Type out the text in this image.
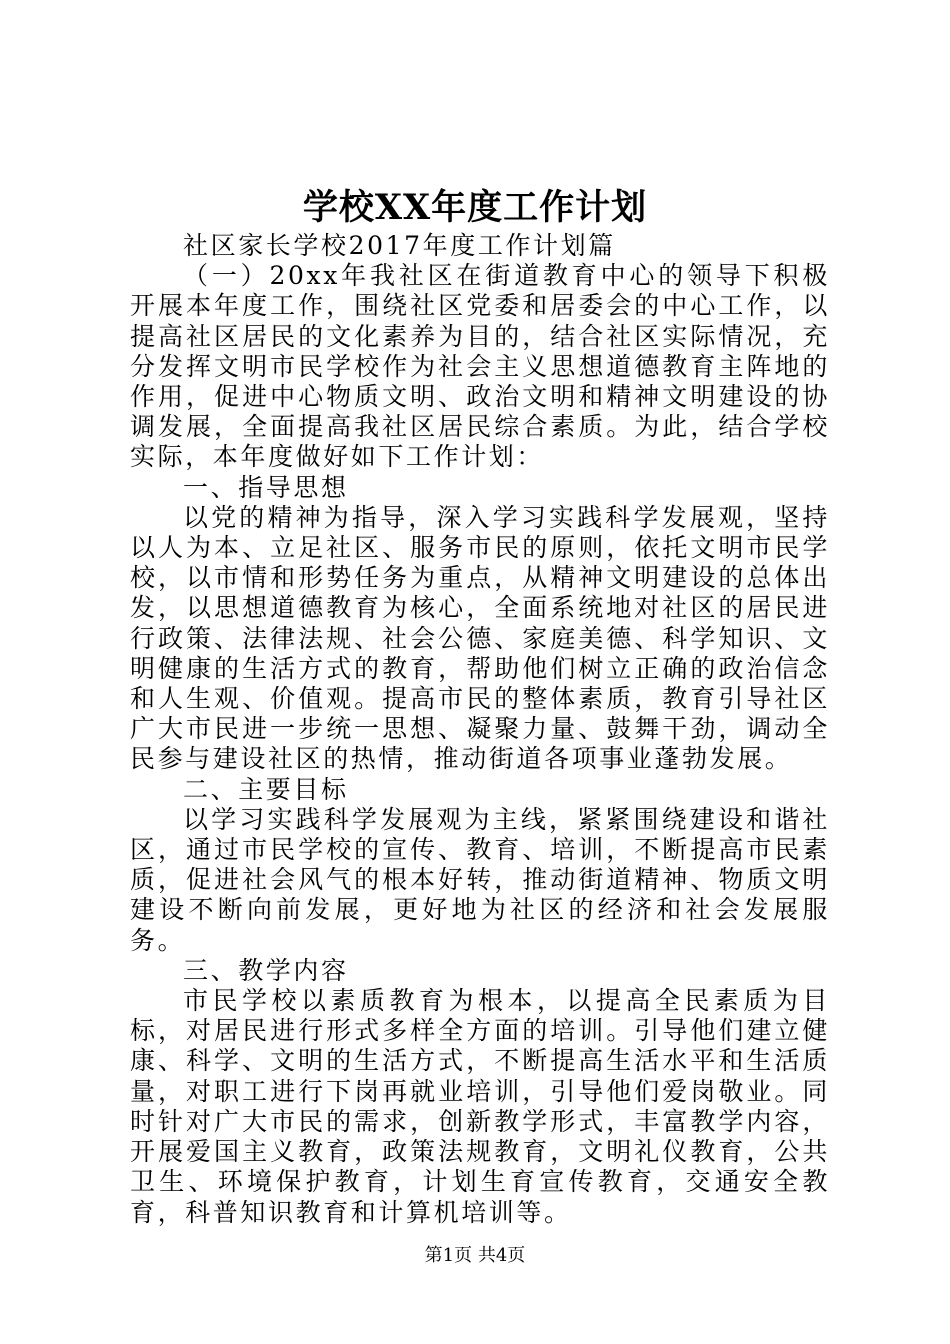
学校XX年度工作计划

社区家长学校2017年度工作计划篇

（一）20xx年我社区在街道教育中心的领导下积极开展本年度工作，围绕社区党委和居委会的中心工作，以提高社区居民的文化素养为目的，结合社区实际情况，充分发挥文明市民学校作为社会主义思想道德教育主阵地的作用，促进中心物质文明、政治文明和精神文明建设的协调发展，全面提高我社区居民综合素质。为此，结合学校实际，本年度做好如下工作计划：

一、指导思想

以党的精神为指导，深入学习实践科学发展观，坚持以人为本、立足社区、服务市民的原则，依托文明市民学校，以市情和形势任务为重点，从精神文明建设的总体出发，以思想道德教育为核心，全面系统地对社区的居民进行政策、法律法规、社会公德、家庭美德、科学知识、文明健康的生活方式的教育，帮助他们树立正确的政治信念和人生观、价值观。提高市民的整体素质，教育引导社区广大市民进一步统一思想、凝聚力量、鼓舞干劲，调动全民参与建设社区的热情，推动街道各项事业蓬勃发展。

二、主要目标

以学习实践科学发展观为主线，紧紧围绕建设和谐社区，通过市民学校的宣传、教育、培训，不断提高市民素质，促进社会风气的根本好转，推动街道精神、物质文明建设不断向前发展，更好地为社区的经济和社会发展服务。

三、教学内容

市民学校以素质教育为根本，以提高全民素质为目标，对居民进行形式多样全方面的培训。引导他们建立健康、科学、文明的生活方式，不断提高生活水平和生活质量，对职工进行下岗再就业培训，引导他们爱岗敬业。同时针对广大市民的需求，创新教学形式，丰富教学内容，开展爱国主义教育，政策法规教育，文明礼仪教育，公共卫生、环境保护教育，计划生育宣传教育，交通安全教育，科普知识教育和计算机培训等。

第1页 共4页
